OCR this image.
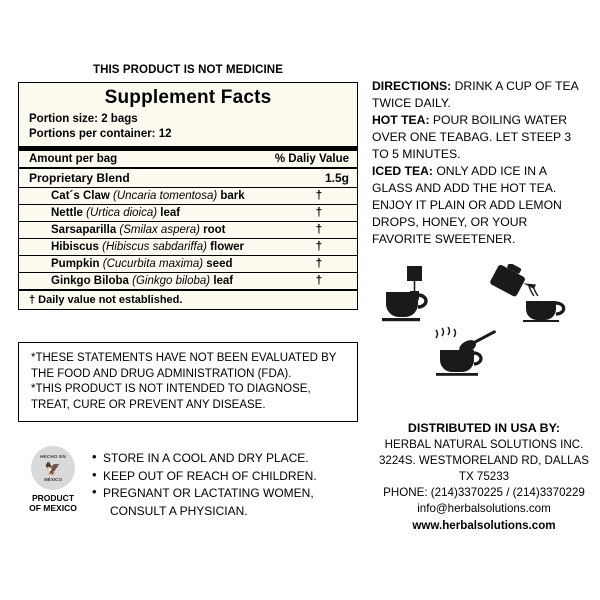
THIS PRODUCT IS NOT MEDICINE
Supplement Facts
Portion size: 2 bags
Portions per container: 12
Amount per bag	% Daliy Value
Proprietary Blend	1.5g
Cat´s Claw (Uncaria tomentosa) bark	†
Nettle (Urtica dioica) leaf	†
Sarsaparilla (Smilax aspera) root	†
Hibiscus (Hibiscus sabdariffa) flower	†
Pumpkin (Cucurbita maxima) seed	†
Ginkgo Biloba (Ginkgo biloba) leaf	†
† Daily value not established.

*THESE STATEMENTS HAVE NOT BEEN EVALUATED BY

THE FOOD AND DRUG ADMINISTRATION (FDA).

*THIS PRODUCT IS NOT INTENDED TO DIAGNOSE,

TREAT, CURE OR PREVENT ANY DISEASE.

HECHO EN
🦅
MÉXICO
PRODUCT
OF MEXICO
• STORE IN A COOL AND DRY PLACE.
• KEEP OUT OF REACH OF CHILDREN.
• PREGNANT OR LACTATING WOMEN,
CONSULT A PHYSICIAN.

DIRECTIONS: DRINK A CUP OF TEA TWICE DAILY.

HOT TEA: POUR BOILING WATER OVER ONE TEABAG. LET STEEP 3 TO 5 MINUTES.

ICED TEA: ONLY ADD ICE IN A GLASS AND ADD THE HOT TEA. ENJOY IT PLAIN OR ADD LEMON DROPS, HONEY, OR YOUR FAVORITE SWEETENER.

DISTRIBUTED IN USA BY:
HERBAL NATURAL SOLUTIONS INC.
3224S. WESTMORELAND RD, DALLAS TX 75233
PHONE: (214)3370225 / (214)3370229
info@herbalsolutions.com
www.herbalsolutions.com
